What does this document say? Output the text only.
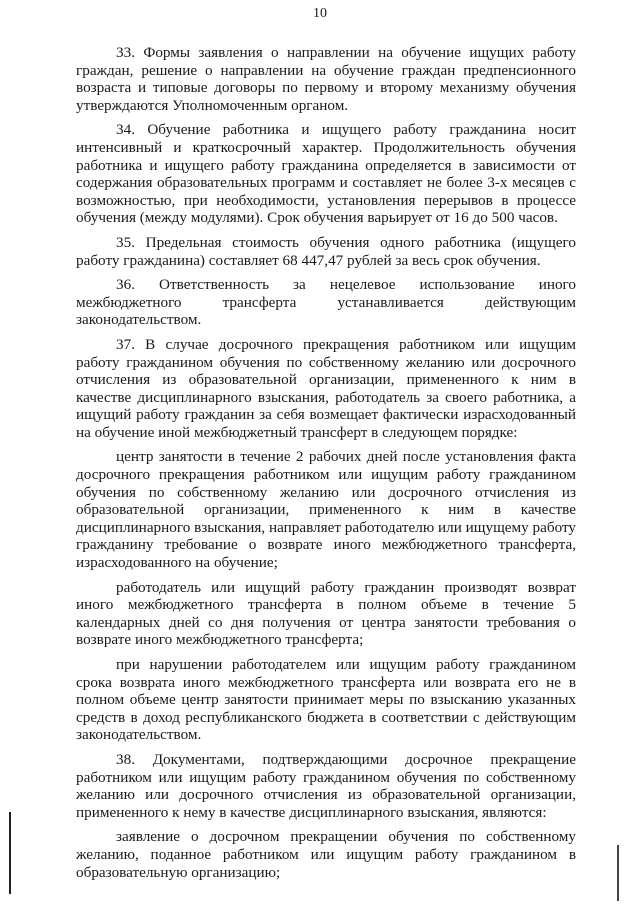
10

33. Формы заявления о направлении на обучение ищущих работу граждан, решение о направлении на обучение граждан предпенсионного возраста и типовые договоры по первому и второму механизму обучения утверждаются Уполномоченным органом.

34. Обучение работника и ищущего работу гражданина носит интенсивный и краткосрочный характер. Продолжительность обучения работника и ищущего работу гражданина определяется в зависимости от содержания образовательных программ и составляет не более 3-х месяцев с возможностью, при необходимости, установления перерывов в процессе обучения (между модулями). Срок обучения варьирует от 16 до 500 часов.

35. Предельная стоимость обучения одного работника (ищущего работу гражданина) составляет 68 447,47 рублей за весь срок обучения.

36. Ответственность за нецелевое использование иного межбюджетного трансферта устанавливается действующим законодательством.

37. В случае досрочного прекращения работником или ищущим работу гражданином обучения по собственному желанию или досрочного отчисления из образовательной организации, примененного к ним в качестве дисциплинарного взыскания, работодатель за своего работника, а ищущий работу гражданин за себя возмещает фактически израсходованный на обучение иной межбюджетный трансферт в следующем порядке:

центр занятости в течение 2 рабочих дней после установления факта досрочного прекращения работником или ищущим работу гражданином обучения по собственному желанию или досрочного отчисления из образовательной организации, примененного к ним в качестве дисциплинарного взыскания, направляет работодателю или ищущему работу гражданину требование о возврате иного межбюджетного трансферта, израсходованного на обучение;

работодатель или ищущий работу гражданин производят возврат иного межбюджетного трансферта в полном объеме в течение 5 календарных дней со дня получения от центра занятости требования о возврате иного межбюджетного трансферта;

при нарушении работодателем или ищущим работу гражданином срока возврата иного межбюджетного трансферта или возврата его не в полном объеме центр занятости принимает меры по взысканию указанных средств в доход республиканского бюджета в соответствии с действующим законодательством.

38. Документами, подтверждающими досрочное прекращение работником или ищущим работу гражданином обучения по собственному желанию или досрочного отчисления из образовательной организации, примененного к нему в качестве дисциплинарного взыскания, являются:

заявление о досрочном прекращении обучения по собственному желанию, поданное работником или ищущим работу гражданином в образовательную организацию;
